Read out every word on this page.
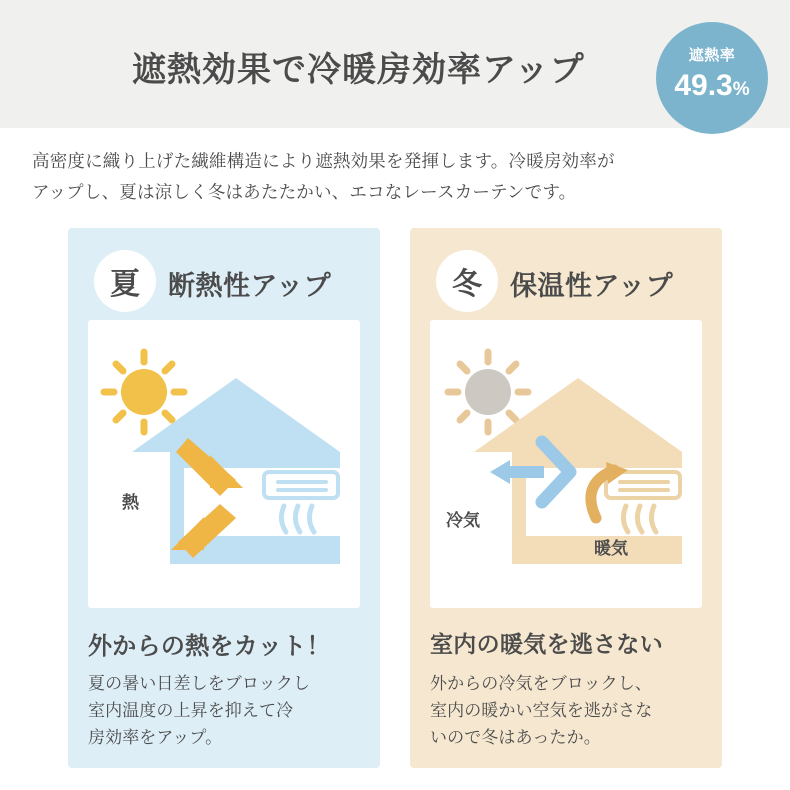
遮熱効果で冷暖房効率アップ	遮熱率
49.3%
高密度に織り上げた繊維構造により遮熱効果を発揮します。冷暖房効率が
アップし、夏は涼しく冬はあたたかい、エコなレースカーテンです。
夏	断熱性アップ
熱
外からの熱をカット！
夏の暑い日差しをブロックし
室内温度の上昇を抑えて冷
房効率をアップ。
冬	保温性アップ
冷気
暖気
室内の暖気を逃さない
外からの冷気をブロックし、
室内の暖かい空気を逃がさな
いので冬はあったか。
